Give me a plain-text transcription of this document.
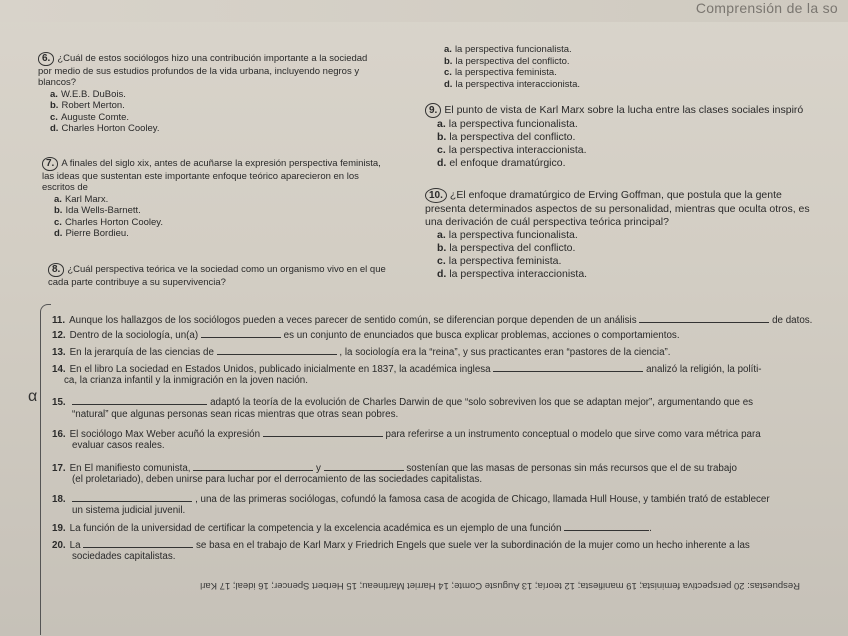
Comprensión de la so
6. ¿Cuál de estos sociólogos hizo una contribución importante a la sociedad por medio de sus estudios profundos de la vida urbana, incluyendo negros y blancos?
a. W.E.B. DuBois.
b. Robert Merton.
c. Auguste Comte.
d. Charles Horton Cooley.
7. A finales del siglo xix, antes de acuñarse la expresión perspectiva feminista, las ideas que sustentan este importante enfoque teórico aparecieron en los escritos de
a. Karl Marx.
b. Ida Wells-Barnett.
c. Charles Horton Cooley.
d. Pierre Bordieu.
8. ¿Cuál perspectiva teórica ve la sociedad como un organismo vivo en el que cada parte contribuye a su supervivencia?
a. la perspectiva funcionalista.
b. la perspectiva del conflicto.
c. la perspectiva feminista.
d. la perspectiva interaccionista.
9. El punto de vista de Karl Marx sobre la lucha entre las clases sociales inspiró
a. la perspectiva funcionalista.
b. la perspectiva del conflicto.
c. la perspectiva interaccionista.
d. el enfoque dramatúrgico.
10. ¿El enfoque dramatúrgico de Erving Goffman, que postula que la gente presenta determinados aspectos de su personalidad, mientras que oculta otros, es una derivación de cuál perspectiva teórica principal?
a. la perspectiva funcionalista.
b. la perspectiva del conflicto.
c. la perspectiva feminista.
d. la perspectiva interaccionista.
α
11. Aunque los hallazgos de los sociólogos pueden a veces parecer de sentido común, se diferencian porque dependen de un análisis	de datos.
12. Dentro de la sociología, un(a)	es un conjunto de enunciados que busca explicar problemas, acciones o comportamientos.
13. En la jerarquía de las ciencias de	, la sociología era la “reina”, y sus practicantes eran “pastores de la ciencia”.
14. En el libro La sociedad en Estados Unidos, publicado inicialmente en 1837, la académica inglesa	analizó la religión, la políti-
ca, la crianza infantil y la inmigración en la joven nación.
15.	adaptó la teoría de la evolución de Charles Darwin de que “solo sobreviven los que se adaptan mejor”, argumentando que es
“natural” que algunas personas sean ricas mientras que otras sean pobres.
16. El sociólogo Max Weber acuñó la expresión	para referirse a un instrumento conceptual o modelo que sirve como vara métrica para
evaluar casos reales.
17. En El manifiesto comunista,	y	sostenían que las masas de personas sin más recursos que el de su trabajo
(el proletariado), deben unirse para luchar por el derrocamiento de las sociedades capitalistas.
18.	, una de las primeras sociólogas, cofundó la famosa casa de acogida de Chicago, llamada Hull House, y también trató de establecer
un sistema judicial juvenil.
19. La función de la universidad de certificar la competencia y la excelencia académica es un ejemplo de una función	.
20. La	se basa en el trabajo de Karl Marx y Friedrich Engels que suele ver la subordinación de la mujer como un hecho inherente a las
sociedades capitalistas.
Respuestas: 20 perspectiva feminista; 19 manifiesta; 12 teoría; 13 Auguste Comte; 14 Harriet Martineau; 15 Herbert Spencer; 16 ideal; 17 Karl
